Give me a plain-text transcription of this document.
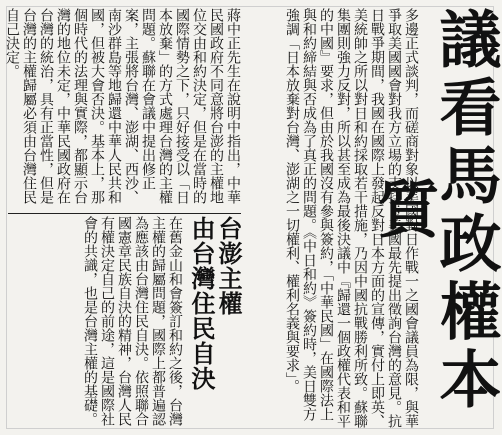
議看馬政權本質
多邊正式談判，而磋商對象以美國對日作戰一之國會議員為限，與華爭取美國國會對我方立場的支持；美國最先提出徵詢台灣的意見。抗日戰爭期間，我國在國際上發起反對日本方面的宣傳，實付上即英、美統帥之所以對日和約採取若干措施，乃因中國抗戰勝利所致。蘇聯集團則強力反對，所以甚至成為最後決議中『歸還一個政權代表和平的中國』要求，但由於我國沒有參與簽約，「中華民國」在國際法上與和約締結與否成為了真正的問題。《中日和約》簽約時，美日雙方強調「日本放棄對台灣、澎湖之一切權利、權利名義與要求」。
蔣中正先生在說明中指出，中華民國政府不同意將台澎的主權地位交由和約決定，但是在當時的國際情勢之下，只好接受以「日本放棄」的方式處理台灣的主權問題。蘇聯在會議中提出修正案，主張將台灣、澎湖、西沙、南沙群島等地歸還中華人民共和國，但被大會否決。基本上，那個時代的法理與實際，都顯示台灣的地位未定，中華民國政府在台灣的統治，具有正當性，但是台灣的主權歸屬必須由台灣住民自己決定。
台澎主權
由台灣住民自決
在舊金山和會簽訂和約之後，台灣主權的歸屬問題，國際上都普遍認為應該由台灣住民自決。依照聯合國憲章民族自決的精神，台灣人民有權決定自己的前途，這是國際社會的共識，也是台灣主權的基礎。
